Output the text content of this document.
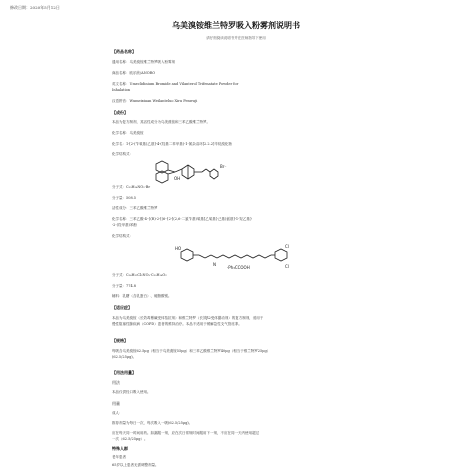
修改日期：2020年5月12日
乌美溴铵维兰特罗吸入粉雾剂说明书
请仔细阅读说明书并在医师指导下使用
【药品名称】
通用名称：乌美溴铵维兰特罗吸入粉雾剂
商品名称：欧乐欣/ANORO
英文名称：Umeclidinium Bromide and Vilanterol Trifenatate Powder for
Inhalation
汉语拼音：Wumeixiuan Weilanteluo Xiru Fenwuji
【成份】
本品为复方制剂，其活性成分为乌美溴铵和三苯乙酸维兰特罗。
化学名称：乌美溴铵
化学名：1-[2-(苄氧基)乙基]-4-(羟基二苯甲基)-1-氮杂双环[2.2.2]辛烷溴化物
化学结构式：
OH
Br⁻
分子式：C₂₉H₃₄NO₂·Br
分子量：508.5
活性成分：三苯乙酸维兰特罗
化学名称：三苯乙酸-4-{(R)-2-[(6-{2-[(2,6-二氯苄基)氧基]乙氧基}己基)氨基]-1-羟乙基}
-2-(羟甲基)苯酚
化学结构式：
HO
N
Cl
Cl
·Ph₃CCOOH
分子式：C₂₄H₃₃Cl₂NO₅·C₂₀H₁₆O₂
分子量：774.8
辅料：乳糖（含乳蛋白）、硬脂酸镁。
【适应症】
本品为乌美溴铵（长效毒蕈碱受体拮抗剂）和维兰特罗（长效β2受体激动剂）的复方制剂，适用于
慢性阻塞性肺疾病（COPD）患者的维持治疗。本品不适用于缓解急性支气管痉挛。
【规格】
每吸含乌美溴铵62.5μg（相当于乌美溴铵55μg）和三苯乙酸维兰特罗40μg（相当于维兰特罗25μg）
(62.5/25μg)。
【用法用量】
用法
本品仅供经口吸入使用。
用量
成人：
推荐剂量为每日一次，每次吸入一吸(62.5/25μg)。
应在每天同一时间用药。如漏服一剂，应在次日常规时间服用下一剂，不应在同一天内使用超过
一次（62.5/25μg）。
特殊人群
老年患者
65岁以上患者无需调整剂量。
